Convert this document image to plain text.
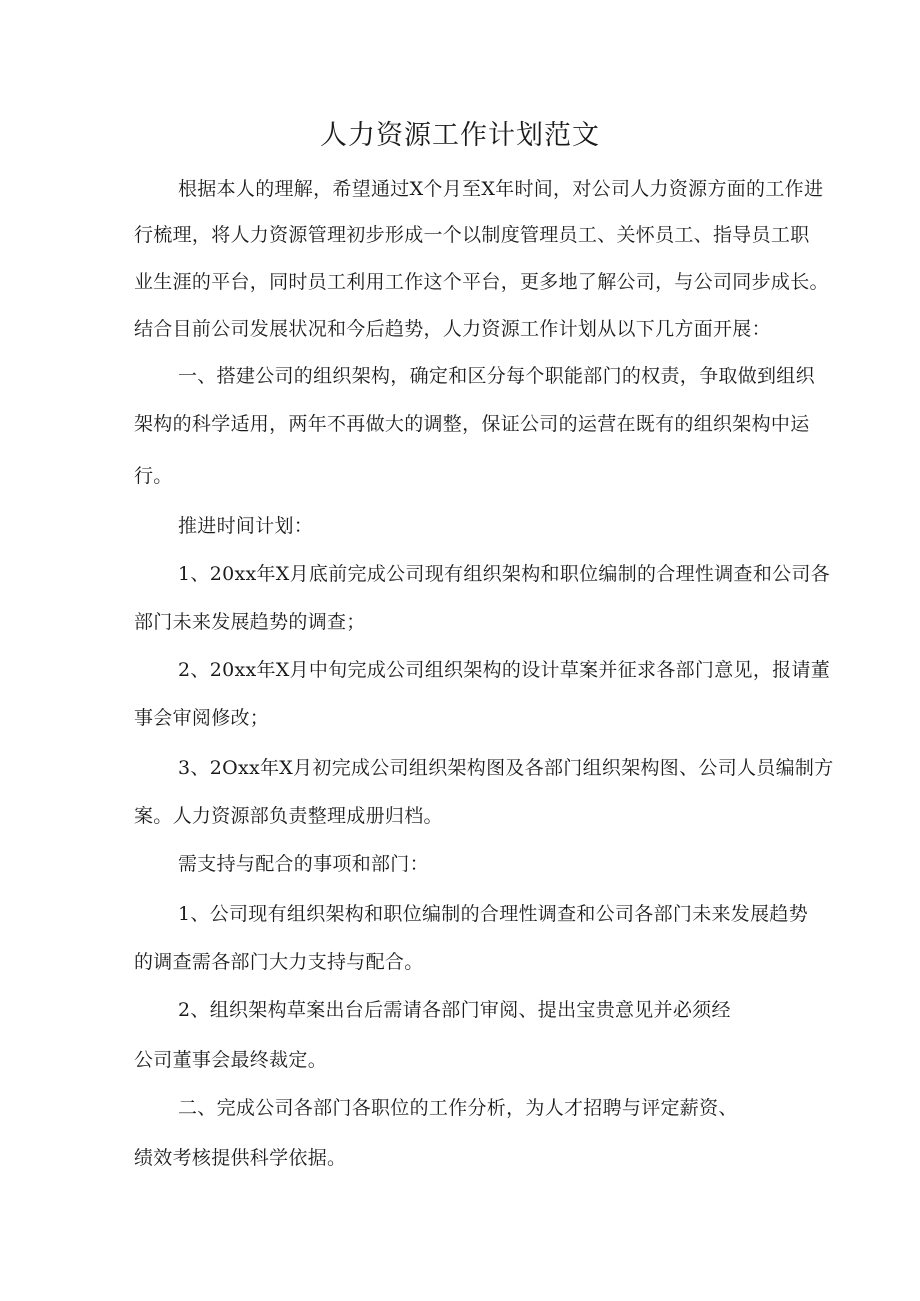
人力资源工作计划范文

根据本人的理解，希望通过X个月至X年时间，对公司人力资源方面的工作进

行梳理，将人力资源管理初步形成一个以制度管理员工、关怀员工、指导员工职

业生涯的平台，同时员工利用工作这个平台，更多地了解公司，与公司同步成长。

结合目前公司发展状况和今后趋势，人力资源工作计划从以下几方面开展：

一、搭建公司的组织架构，确定和区分每个职能部门的权责，争取做到组织

架构的科学适用，两年不再做大的调整，保证公司的运营在既有的组织架构中运

行。

推进时间计划：

1、20xx年X月底前完成公司现有组织架构和职位编制的合理性调查和公司各

部门未来发展趋势的调查；

2、20xx年X月中旬完成公司组织架构的设计草案并征求各部门意见，报请董

事会审阅修改；

3、2Oxx年X月初完成公司组织架构图及各部门组织架构图、公司人员编制方

案。人力资源部负责整理成册归档。

需支持与配合的事项和部门：

1、公司现有组织架构和职位编制的合理性调查和公司各部门未来发展趋势

的调查需各部门大力支持与配合。

2、组织架构草案出台后需请各部门审阅、提出宝贵意见并必须经

公司董事会最终裁定。

二、完成公司各部门各职位的工作分析，为人才招聘与评定薪资、

绩效考核提供科学依据。
